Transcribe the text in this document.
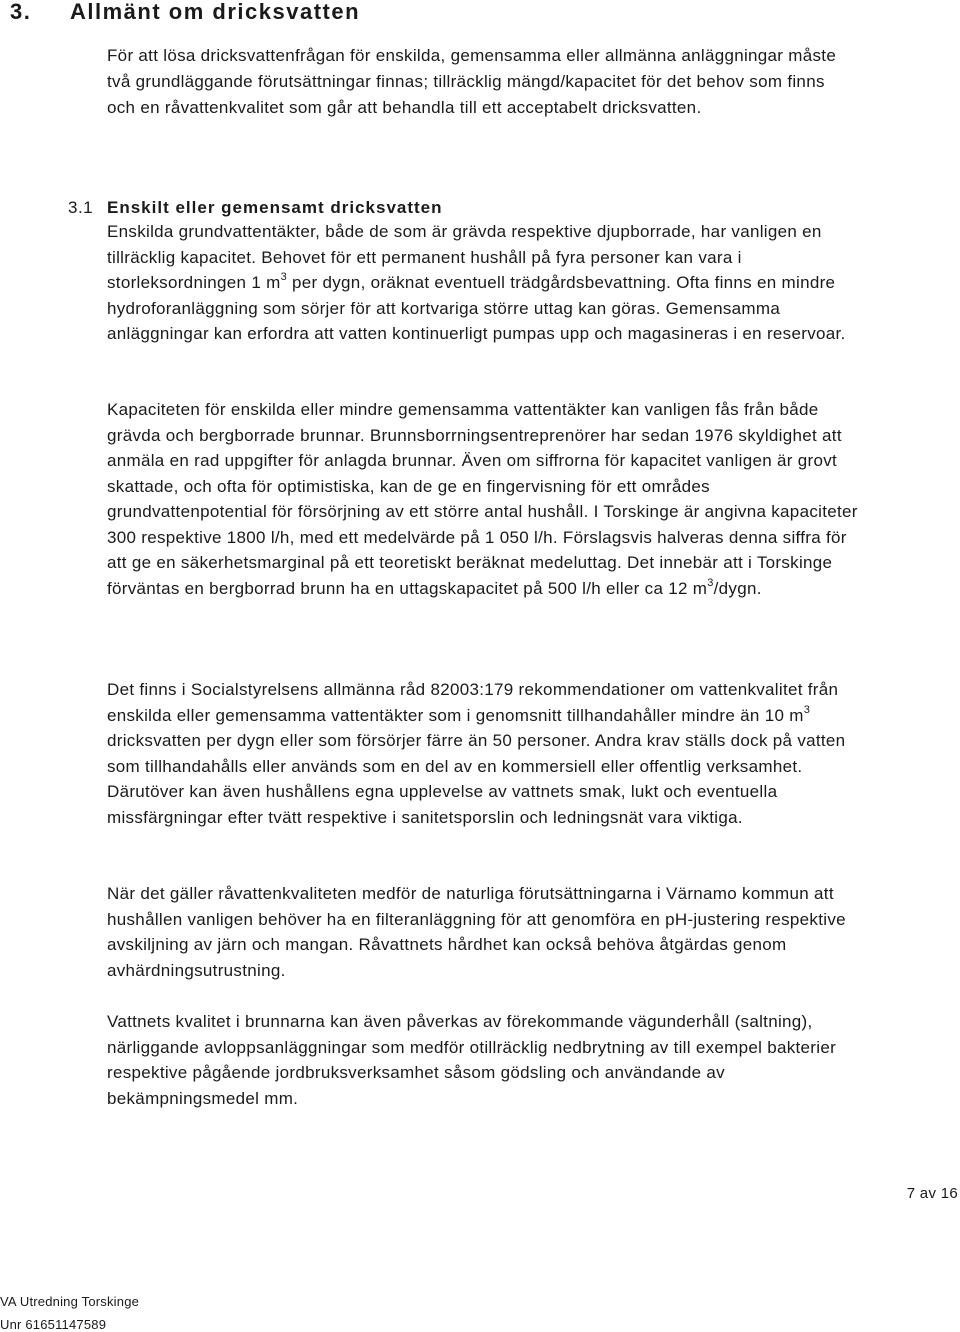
3. Allmänt om dricksvatten
För att lösa dricksvattenfrågan för enskilda, gemensamma eller allmänna anläggningar måste två grundläggande förutsättningar finnas; tillräcklig mängd/kapacitet för det behov som finns och en råvattenkvalitet som går att behandla till ett acceptabelt dricksvatten.
3.1 Enskilt eller gemensamt dricksvatten

Enskilda grundvattentäkter, både de som är grävda respektive djupborrade, har vanligen en tillräcklig kapacitet. Behovet för ett permanent hushåll på fyra personer kan vara i storleksordningen 1 $m^3$ per dygn, oräknat eventuell trädgårdsbevattning. Ofta finns en mindre hydroforanläggning som sörjer för att kortvariga större uttag kan göras. Gemensamma anläggningar kan erfordra att vatten kontinuerligt pumpas upp och magasineras i en reservoar.

Kapaciteten för enskilda eller mindre gemensamma vattentäkter kan vanligen fås från både grävda och bergborrade brunnar. Brunnsborrningsentreprenörer har sedan 1976 skyldighet att anmäla en rad uppgifter för anlagda brunnar. Även om siffrorna för kapacitet vanligen är grovt skattade, och ofta för optimistiska, kan de ge en fingervisning för ett områdes grundvattenpotential för försörjning av ett större antal hushåll. I Torskinge är angivna kapaciteter 300 respektive 1800 l/h, med ett medelvärde på 1 050 l/h. Förslagsvis halveras denna siffra för att ge en säkerhetsmarginal på ett teoretiskt beräknat medeluttag. Det innebär att i Torskinge förväntas en bergborrad brunn ha en uttagskapacitet på 500 l/h eller ca 12 $m^3$/dygn.

Det finns i Socialstyrelsens allmänna råd 82003:179 rekommendationer om vattenkvalitet från enskilda eller gemensamma vattentäkter som i genomsnitt tillhandahåller mindre än 10 $m^3$ dricksvatten per dygn eller som försörjer färre än 50 personer. Andra krav ställs dock på vatten som tillhandahålls eller används som en del av en kommersiell eller offentlig verksamhet. Därutöver kan även hushållens egna upplevelse av vattnets smak, lukt och eventuella missfärgningar efter tvätt respektive i sanitetsporslin och ledningsnät vara viktiga.

När det gäller råvattenkvaliteten medför de naturliga förutsättningarna i Värnamo kommun att hushållen vanligen behöver ha en filteranläggning för att genomföra en pH-justering respektive avskiljning av järn och mangan. Råvattnets hårdhet kan också behöva åtgärdas genom avhärdningsutrustning.

Vattnets kvalitet i brunnarna kan även påverkas av förekommande vägunderhåll (saltning), närliggande avloppsanläggningar som medför otillräcklig nedbrytning av till exempel bakterier respektive pågående jordbruksverksamhet såsom gödsling och användande av bekämpningsmedel mm.

7 av 16
VA Utredning Torskinge
Unr 61651147589
